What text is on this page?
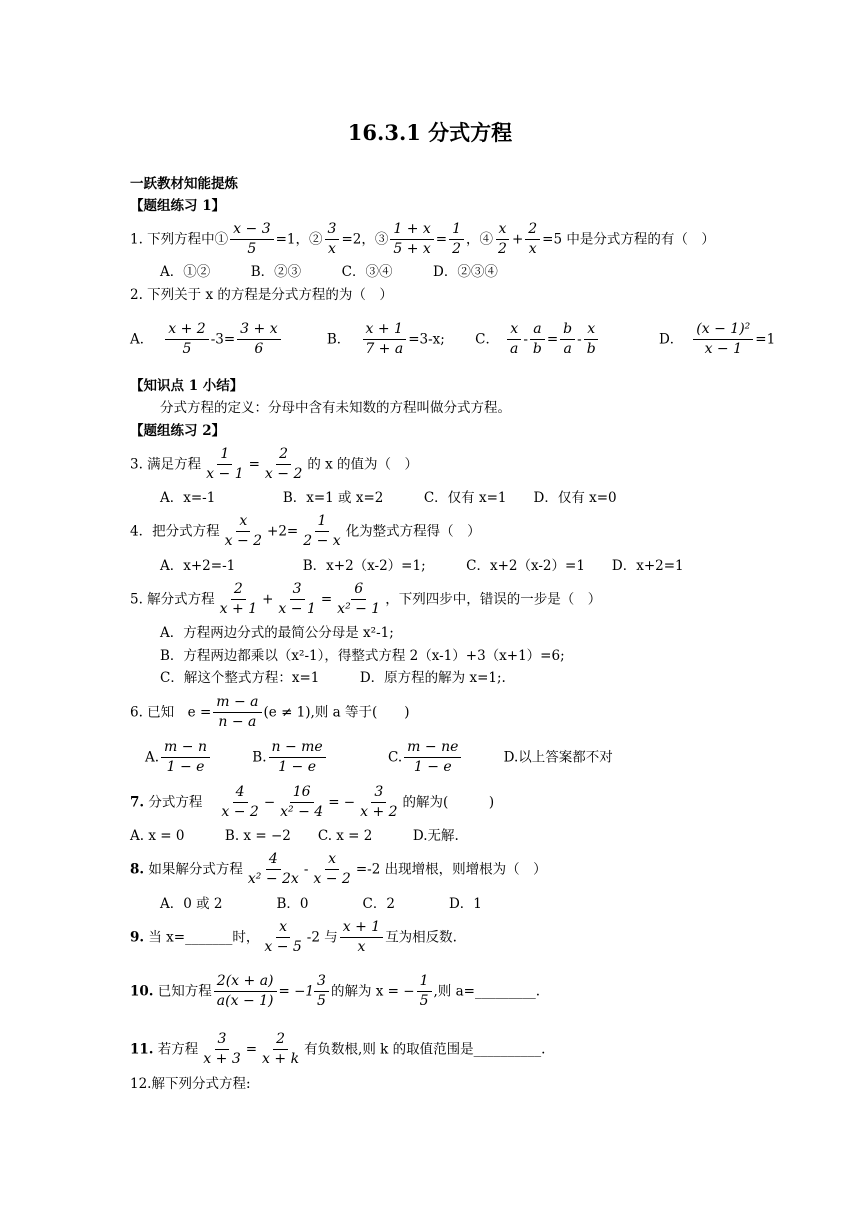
16.3.1 分式方程
一跃教材知能提炼
【题组练习 1】
1. 下列方程中① $\frac{x - 3}{5} =1$，② $\frac{3}{x} =2$，③ $\frac{1 + x}{5 + x} = \frac{1}{2}$ ，④ $\frac{x}{2} + \frac{2}{x} =5$ 中是分式方程的有（　）
A．①②　　　B．②③　　　C．③④　　　D．②③④
2. 下列关于 x 的方程是分式方程的为（　）
A． $\frac{x + 2}{5} -3= \frac{3 + x}{6}$	B． $\frac{x + 1}{7 + a} =3-x$; C． $\frac{x}{a} - \frac{a}{b} = \frac{b}{a} - \frac{x}{b}$	D． $\frac{\text{(x − 1)²}}{x - 1} =1$
【知识点 1 小结】
分式方程的定义：分母中含有未知数的方程叫做分式方程。
【题组练习 2】
3. 满足方程 $\frac{1}{x - 1} = \frac{2}{x - 2}$ 的 x 的值为（　）
A．x=-1　　　　　B．x=1 或 x=2　　　C．仅有 x=1　　D．仅有 x=0
4．把分式方程 $\frac{x}{x - 2} +2= \frac{1}{2 - x}$ 化为整式方程得（　）
A．x+2=-1　　　　　B．x+2（x-2）=1;　　　C．x+2（x-2）=1　　D．x+2=1
5. 解分式方程 $\frac{2}{x + 1} + \frac{3}{x - 1} = \frac{6}{\text{x² − 1}}$ ，下列四步中，错误的一步是（　）
A．方程两边分式的最简公分母是 x²-1;
B．方程两边都乘以（x²-1），得整式方程 2（x-1）+3（x+1）=6;
C．解这个整式方程：x=1　　　D．原方程的解为 x=1;.
6. 已知　$e = \frac{m - a}{n - a} (e \ne 1)$,则 a 等于(　　)
A. $\frac{m - n}{1 - e}$	B. $\frac{n - me}{1 - e}$	C. $\frac{m - ne}{1 - e}$	D.以上答案都不对
7. 分式方程 $\frac{4}{x - 2} - \frac{16}{\text{x² − 4}}$ = − $\frac{3}{x + 2}$ 的解为(　　　)
A. x = 0　　　B. x = −2　　C. x = 2　　　D.无解.
8. 如果解分式方程 $\frac{4}{\text{x² − 2x}} - \frac{x}{x - 2} =-2$ 出现增根，则增根为（　）
A．0 或 2　　　　B．0　　　　C．2　　　　D．1
9. 当 x=_______时， $\frac{x}{x - 5} -2$ 与 $\frac{x + 1}{x}$ 互为相反数.
10. 已知方程 $\frac{2(x + a)}{a(x - 1)} = -1 \frac{3}{5}$ 的解为 x = − $\frac{1}{5}$ ,则 a=_________.
11. 若方程 $\frac{3}{x + 3} = \frac{2}{x + k}$ 有负数根,则 k 的取值范围是__________.
12.解下列分式方程:
